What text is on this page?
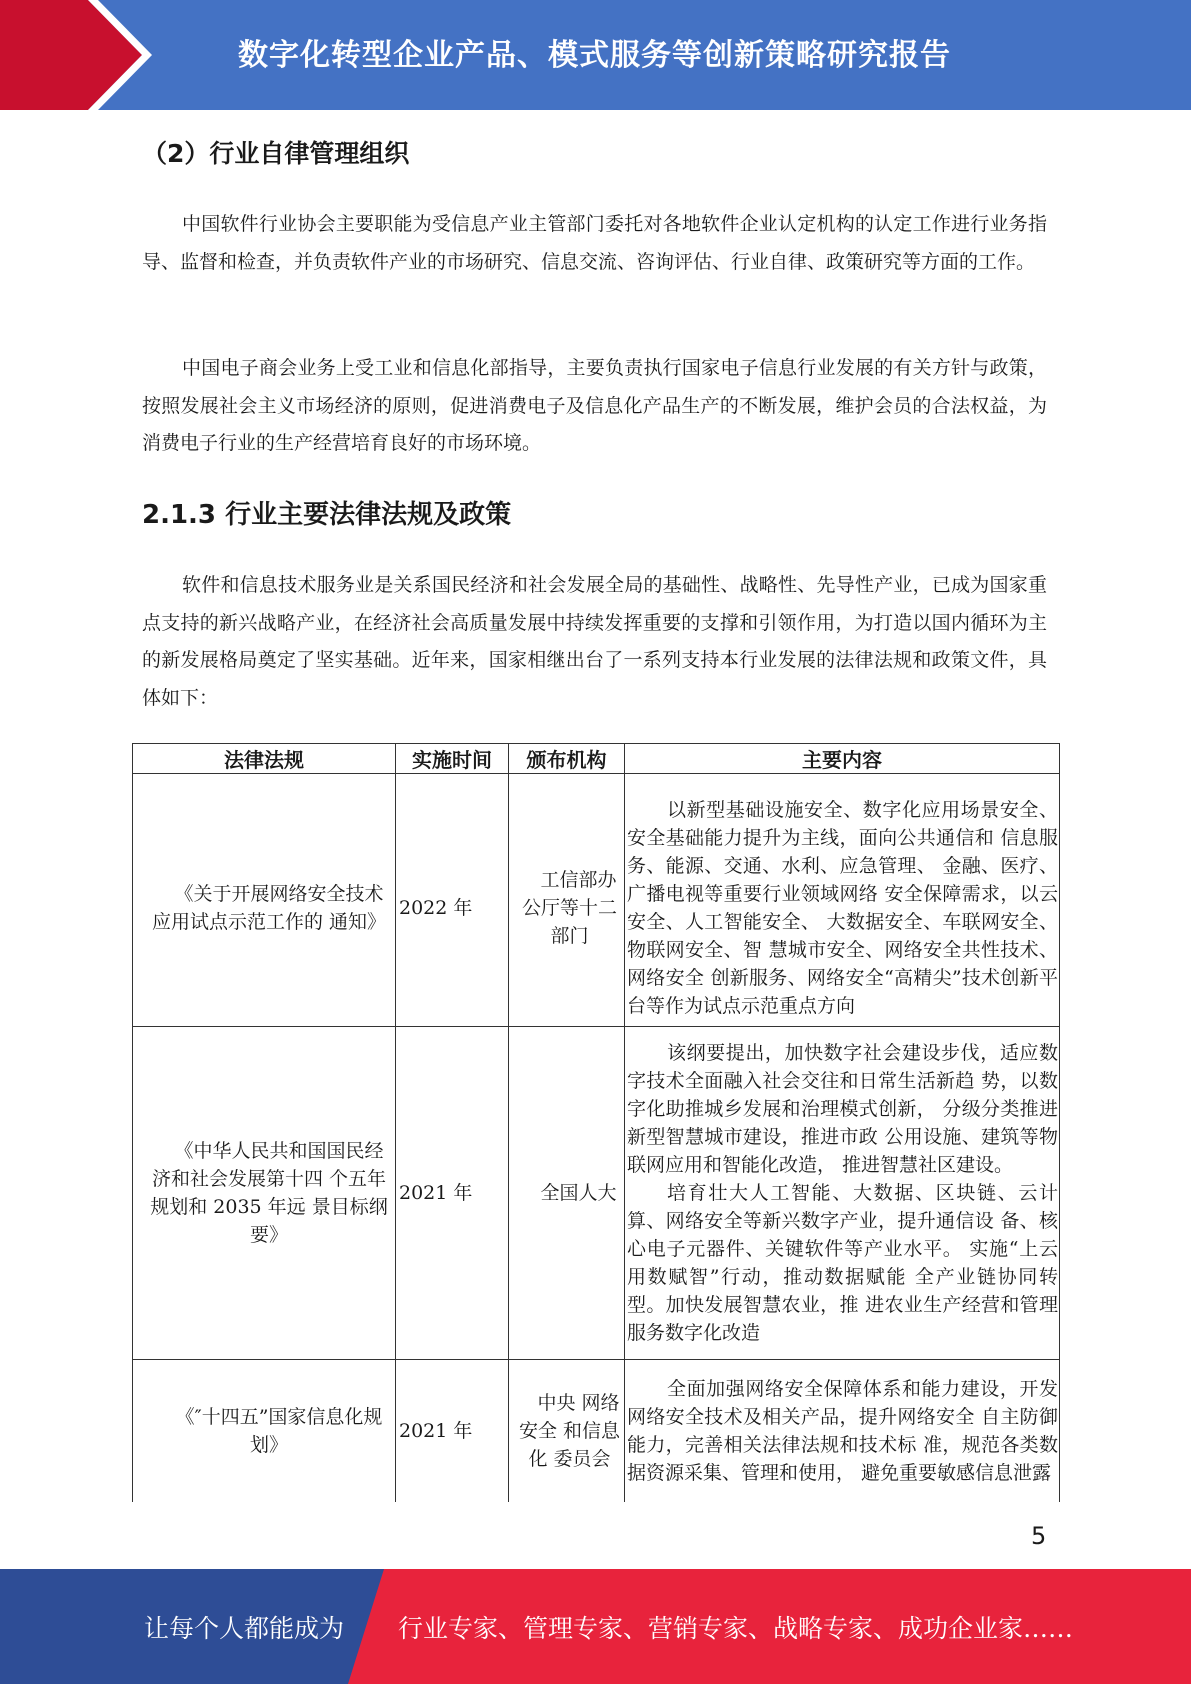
数字化转型企业产品、模式服务等创新策略研究报告
（2）行业自律管理组织
中国软件行业协会主要职能为受信息产业主管部门委托对各地软件企业认定机构的认定工作进行业务指导、监督和检查，并负责软件产业的市场研究、信息交流、咨询评估、行业自律、政策研究等方面的工作。
中国电子商会业务上受工业和信息化部指导，主要负责执行国家电子信息行业发展的有关方针与政策，按照发展社会主义市场经济的原则，促进消费电子及信息化产品生产的不断发展，维护会员的合法权益，为消费电子行业的生产经营培育良好的市场环境。
2.1.3 行业主要法律法规及政策
软件和信息技术服务业是关系国民经济和社会发展全局的基础性、战略性、先导性产业，已成为国家重点支持的新兴战略产业，在经济社会高质量发展中持续发挥重要的支撑和引领作用，为打造以国内循环为主的新发展格局奠定了坚实基础。近年来，国家相继出台了一系列支持本行业发展的法律法规和政策文件，具体如下：
法律法规	实施时间	颁布机构	主要内容
《关于开展网络安全技术应用试点示范工作的 通知》	2022 年	工信部办 公厅等十二部门	以新型基础设施安全、数字化应用场景安全、安全基础能力提升为主线，面向公共通信和 信息服务、能源、交通、水利、应急管理、 金融、医疗、广播电视等重要行业领域网络 安全保障需求，以云安全、人工智能安全、 大数据安全、车联网安全、物联网安全、智 慧城市安全、网络安全共性技术、网络安全 创新服务、网络安全“高精尖”技术创新平 台等作为试点示范重点方向

《中华人民共和国国民经济和社会发展第十四 个五年规划和 2035 年远 景目标纲要》	2021 年	全国人大	该纲要提出，加快数字社会建设步伐，适应数字技术全面融入社会交往和日常生活新趋 势，以数字化助推城乡发展和治理模式创新， 分级分类推进新型智慧城市建设，推进市政 公用设施、建筑等物联网应用和智能化改造， 推进智慧社区建设。

培育壮大人工智能、大数据、区块链、云计算、网络安全等新兴数字产业，提升通信设 备、核心电子元器件、关键软件等产业水平。 实施“上云用数赋智”行动，推动数据赋能 全产业链协同转型。加快发展智慧农业，推 进农业生产经营和管理服务数字化改造

《″十四五”国家信息化规划》	2021 年	中央 网络安全 和信息化 委员会	全面加强网络安全保障体系和能力建设，开发网络安全技术及相关产品，提升网络安全 自主防御能力，完善相关法律法规和技术标 准，规范各类数据资源采集、管理和使用， 避免重要敏感信息泄露

5
让每个人都能成为 行业专家、管理专家、营销专家、战略专家、成功企业家……
